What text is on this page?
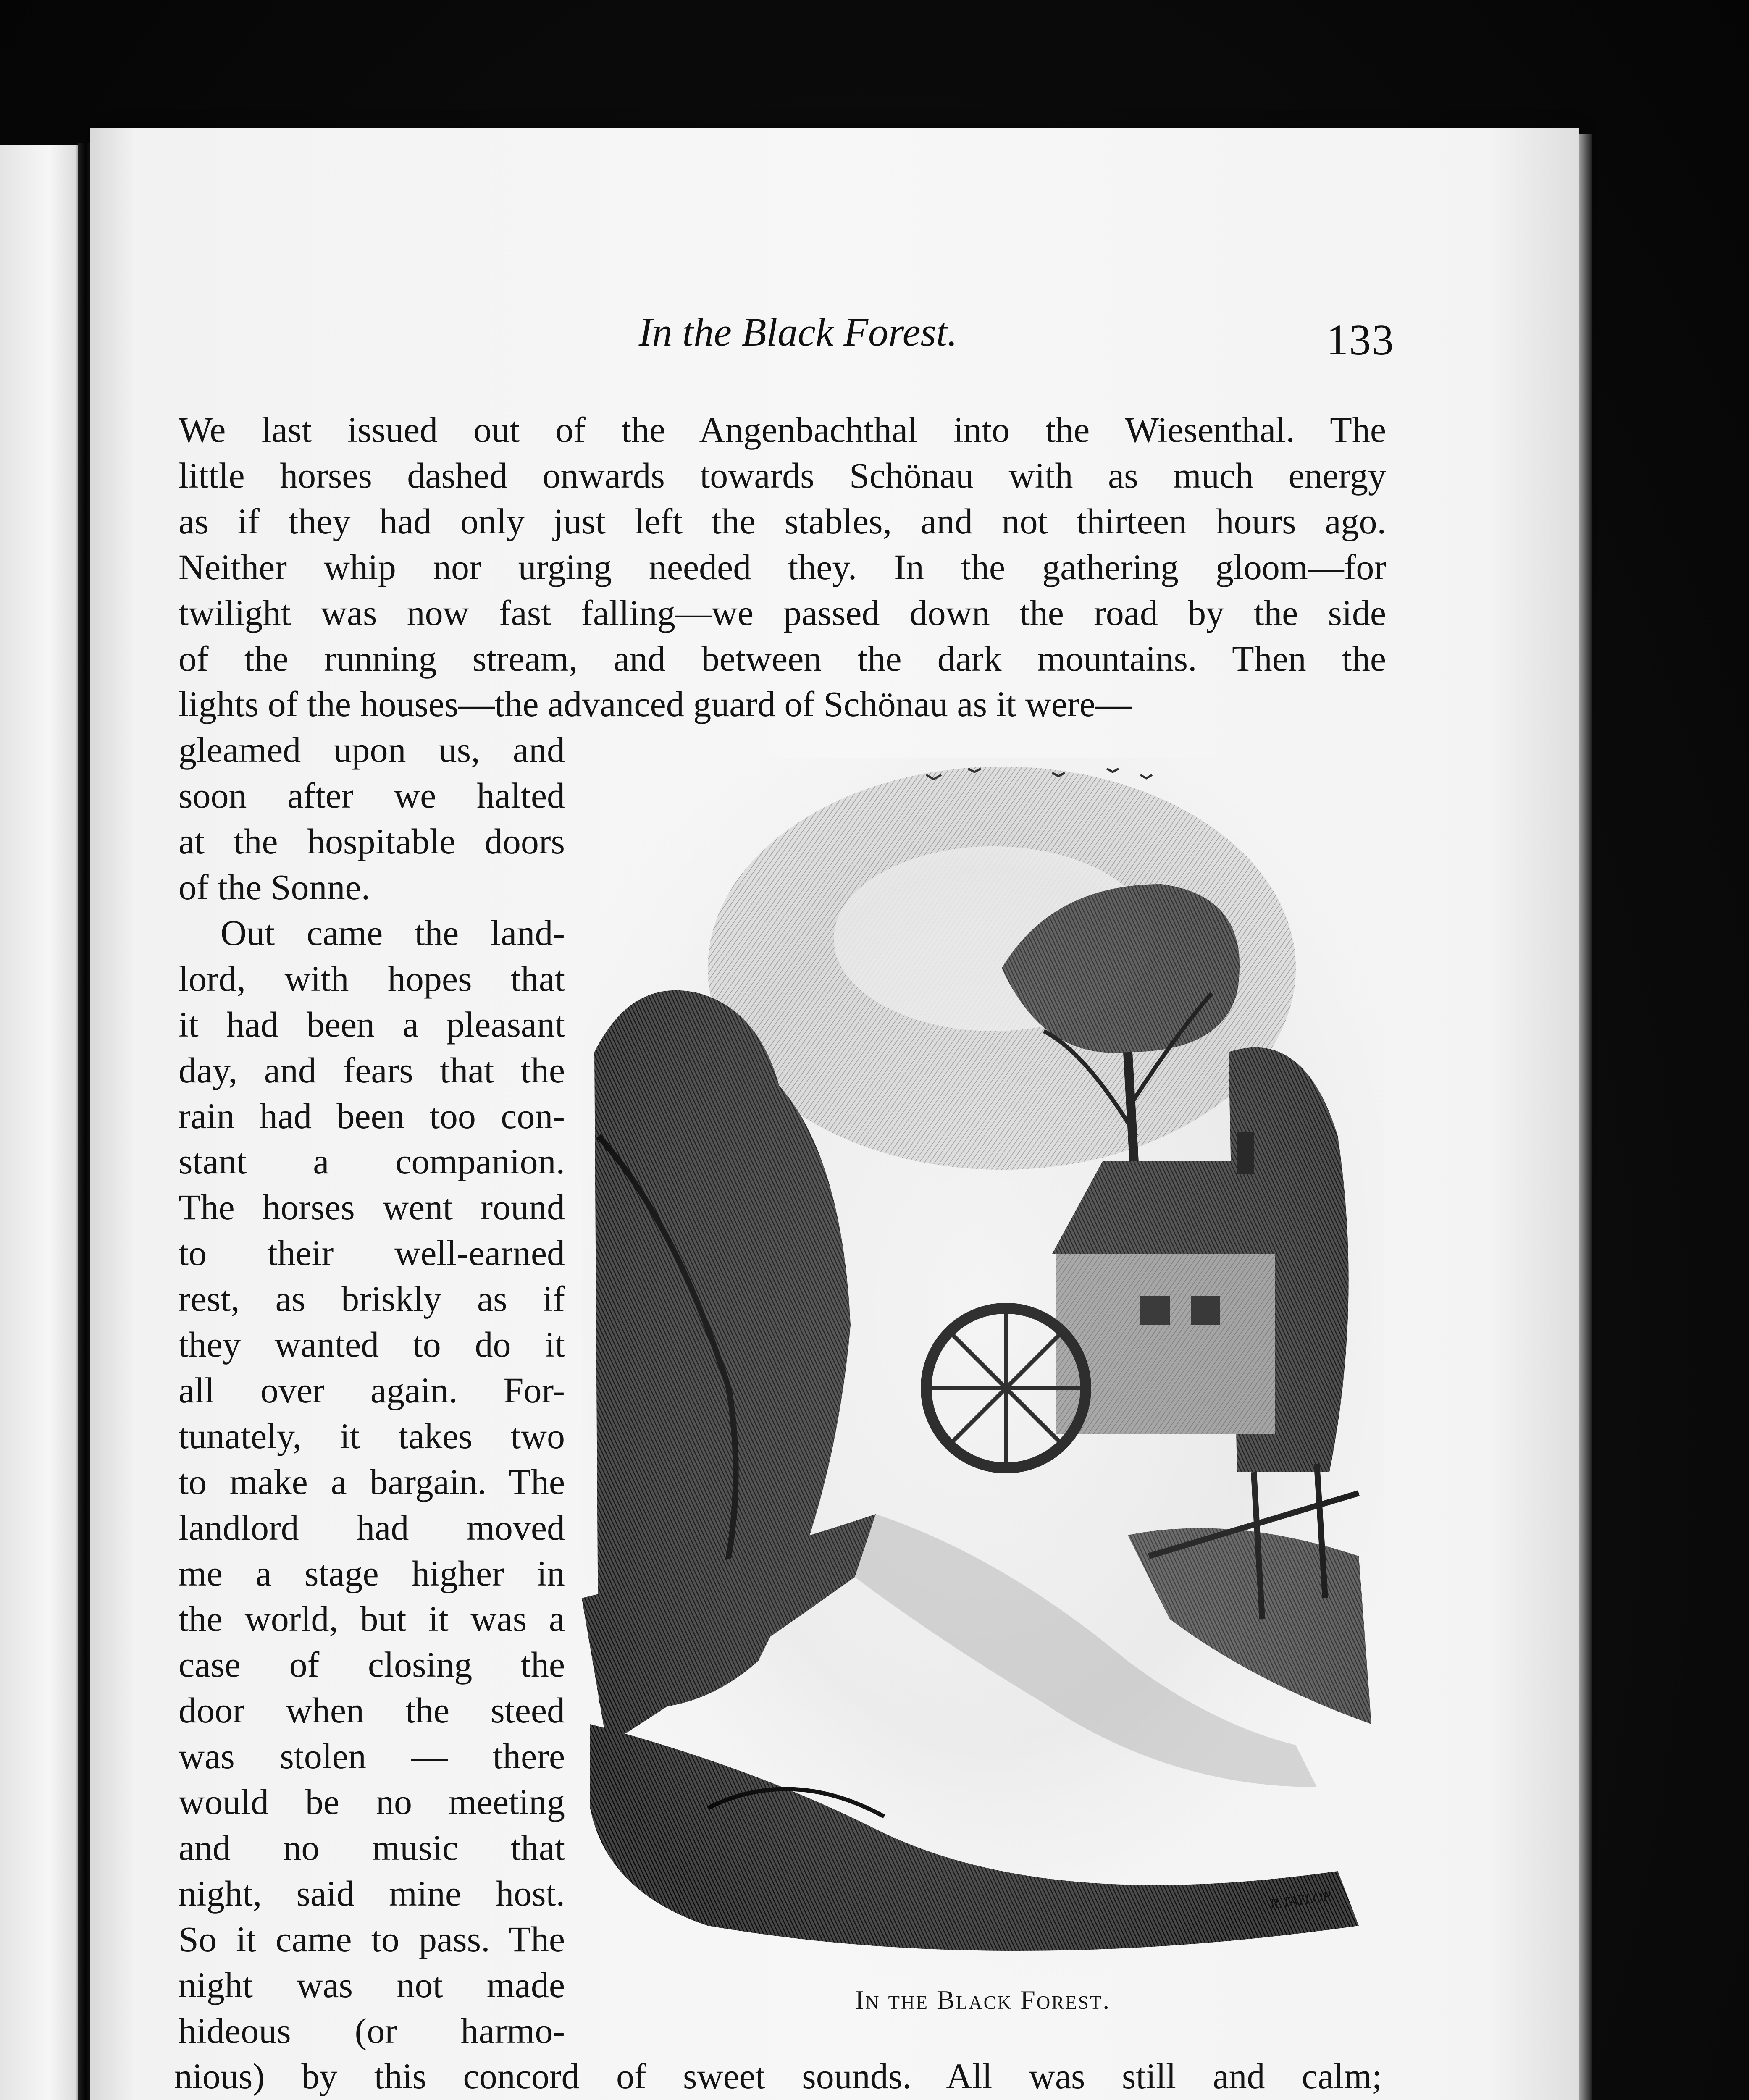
In the Black Forest.	133
We last issued out of the Angenbachthal into the Wiesenthal. The
little horses dashed onwards towards Schönau with as much energy
as if they had only just left the stables, and not thirteen hours ago.
Neither whip nor urging needed they. In the gathering gloom—for
twilight was now fast falling—we passed down the road by the side
of the running stream, and between the dark mountains. Then the
lights of the houses—the advanced guard of Schönau as it were—
gleamed upon us, and
soon after we halted
at the hospitable doors
of the Sonne.
Out came the land-
lord, with hopes that
it had been a pleasant
day, and fears that the
rain had been too con-
stant a companion.
The horses went round
to their well-earned
rest, as briskly as if
they wanted to do it
all over again. For-
tunately, it takes two
to make a bargain. The
landlord had moved
me a stage higher in
the world, but it was a
case of closing the
door when the steed
was stolen — there
would be no meeting
and no music that
night, said mine host.
So it came to pass. The
night was not made
hideous (or harmo-
nious) by this concord of sweet sounds. All was still and calm;
R.TAYLOR
In the Black Forest.
